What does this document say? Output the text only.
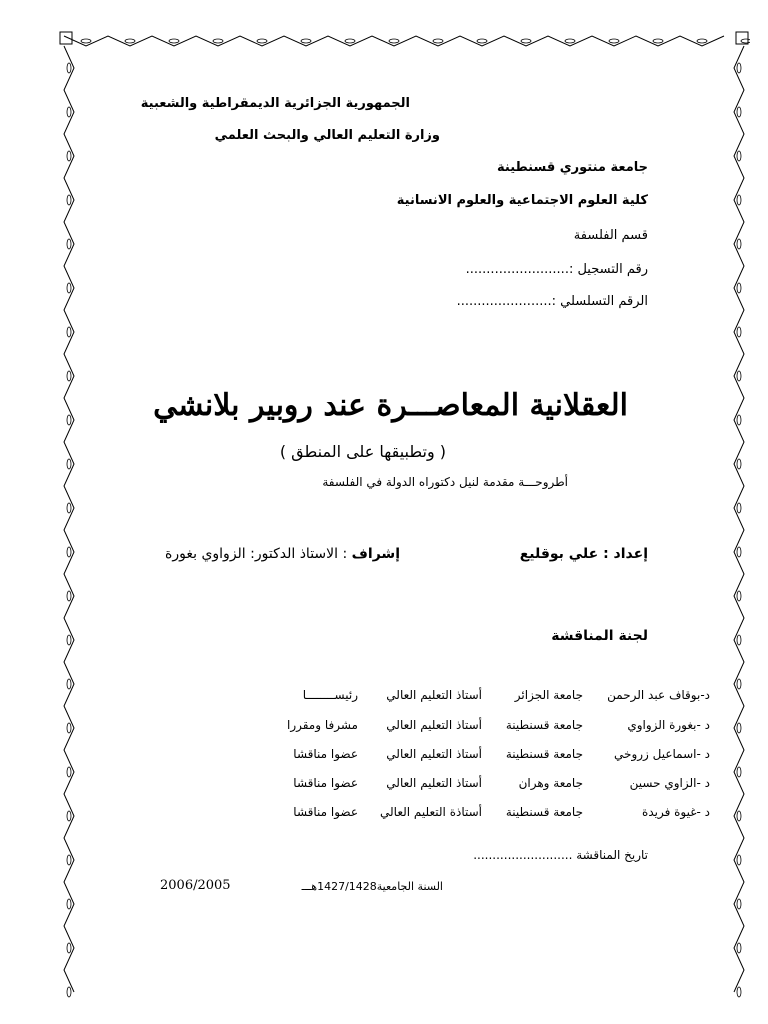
الجمهورية الجزائرية الديمقراطية والشعبية
وزارة التعليم العالي والبحث العلمي
جامعة منتوري قسنطينة
كلية العلوم الاجتماعية والعلوم الانسانية
قسم الفلسفة
رقم التسجيل :.........................
الرقم التسلسلي :.......................
العقلانية المعاصـــرة عند روبير بلانشي
( وتطبيقها على المنطق )
أطروحـــة مقدمة لنيل دكتوراه الدولة في الفلسفة
إعداد : علي بوقليع
إشراف : الاستاذ الدكتور: الزواوي بغورة
لجنة المناقشة
د-بوقاف عبد الرحمن
جامعة الجزائر
أستاذ التعليم العالي
رئيســــــــا
د -بغورة الزواوي
جامعة قسنطينة
أستاذ التعليم العالي
مشرفا ومقررا
د -اسماعيل زروخي
جامعة قسنطينة
أستاذ التعليم العالي
عضوا مناقشا
د -الزاوي حسين
جامعة وهران
أستاذ التعليم العالي
عضوا مناقشا
د -غيوة فريدة
جامعة قسنطينة
أستاذة التعليم العالي
عضوا مناقشا
تاريخ المناقشة ..........................
السنة الجامعية1427/1428هـــ
2006/2005
